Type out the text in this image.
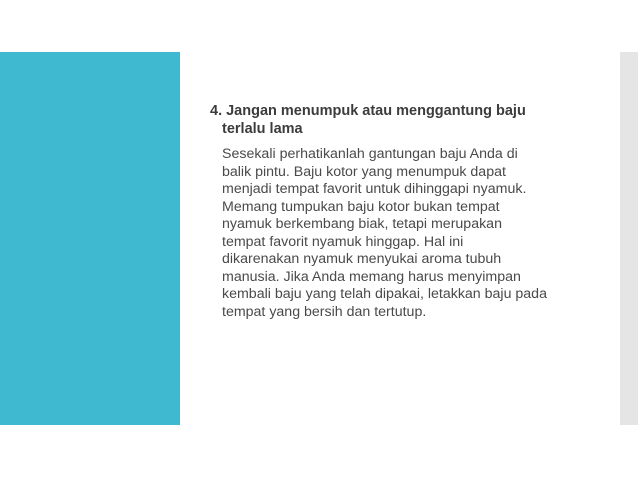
4. Jangan menumpuk atau menggantung baju
terlalu lama

Sesekali perhatikanlah gantungan baju Anda di
balik pintu. Baju kotor yang menumpuk dapat
menjadi tempat favorit untuk dihinggapi nyamuk.
Memang tumpukan baju kotor bukan tempat
nyamuk berkembang biak, tetapi merupakan
tempat favorit nyamuk hinggap. Hal ini
dikarenakan nyamuk menyukai aroma tubuh
manusia. Jika Anda memang harus menyimpan
kembali baju yang telah dipakai, letakkan baju pada
tempat yang bersih dan tertutup.
